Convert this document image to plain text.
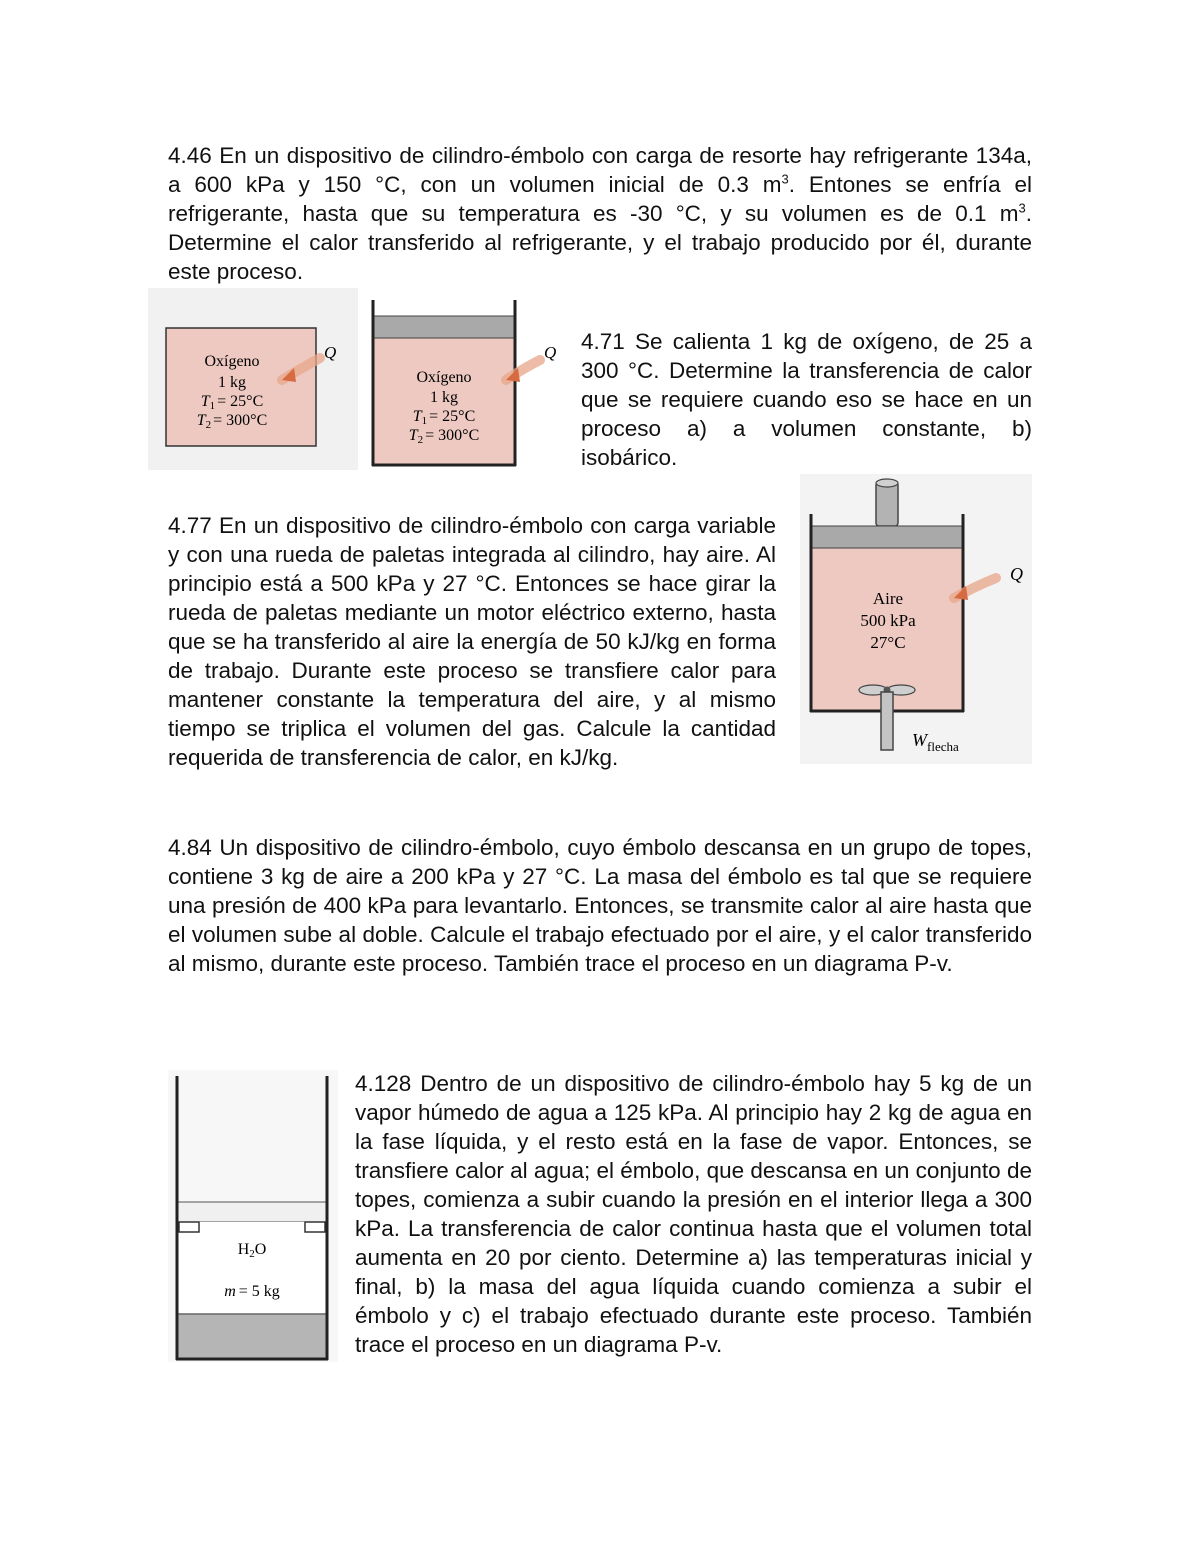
4.46 En un dispositivo de cilindro-émbolo con carga de resorte hay refrigerante 134a, a 600 kPa y 150 °C, con un volumen inicial de 0.3 $m^3$. Entones se enfría el refrigerante, hasta que su temperatura es -30 °C, y su volumen es de 0.1 $m^3$. Determine el calor transferido al refrigerante, y el trabajo producido por él, durante este proceso.

Oxígeno
1 kg
T1 = 25°C
T2 = 300°C
Q
Oxígeno
1 kg
T1 = 25°C
T2 = 300°C
Q 4.71 Se calienta 1 kg de oxígeno, de 25 a 300 °C. Determine la transferencia de calor que se requiere cuando eso se hace en un proceso a) a volumen constante, b) isobárico.

4.77 En un dispositivo de cilindro-émbolo con carga variable y con una rueda de paletas integrada al cilindro, hay aire. Al principio está a 500 kPa y 27 °C. Entonces se hace girar la rueda de paletas mediante un motor eléctrico externo, hasta que se ha transferido al aire la energía de 50 kJ/kg en forma de trabajo. Durante este proceso se transfiere calor para mantener constante la temperatura del aire, y al mismo tiempo se triplica el volumen del gas. Calcule la cantidad requerida de transferencia de calor, en kJ/kg.

Aire
500 kPa
27°C
Q
$W_{flecha}$

4.84 Un dispositivo de cilindro-émbolo, cuyo émbolo descansa en un grupo de topes, contiene 3 kg de aire a 200 kPa y 27 °C. La masa del émbolo es tal que se requiere una presión de 400 kPa para levantarlo. Entonces, se transmite calor al aire hasta que el volumen sube al doble. Calcule el trabajo efectuado por el aire, y el calor transferido al mismo, durante este proceso. También trace el proceso en un diagrama P-v.

H2O
m = 5 kg

4.128 Dentro de un dispositivo de cilindro-émbolo hay 5 kg de un vapor húmedo de agua a 125 kPa. Al principio hay 2 kg de agua en la fase líquida, y el resto está en la fase de vapor. Entonces, se transfiere calor al agua; el émbolo, que descansa en un conjunto de topes, comienza a subir cuando la presión en el interior llega a 300 kPa. La transferencia de calor continua hasta que el volumen total aumenta en 20 por ciento. Determine a) las temperaturas inicial y final, b) la masa del agua líquida cuando comienza a subir el émbolo y c) el trabajo efectuado durante este proceso. También trace el proceso en un diagrama P-v.
